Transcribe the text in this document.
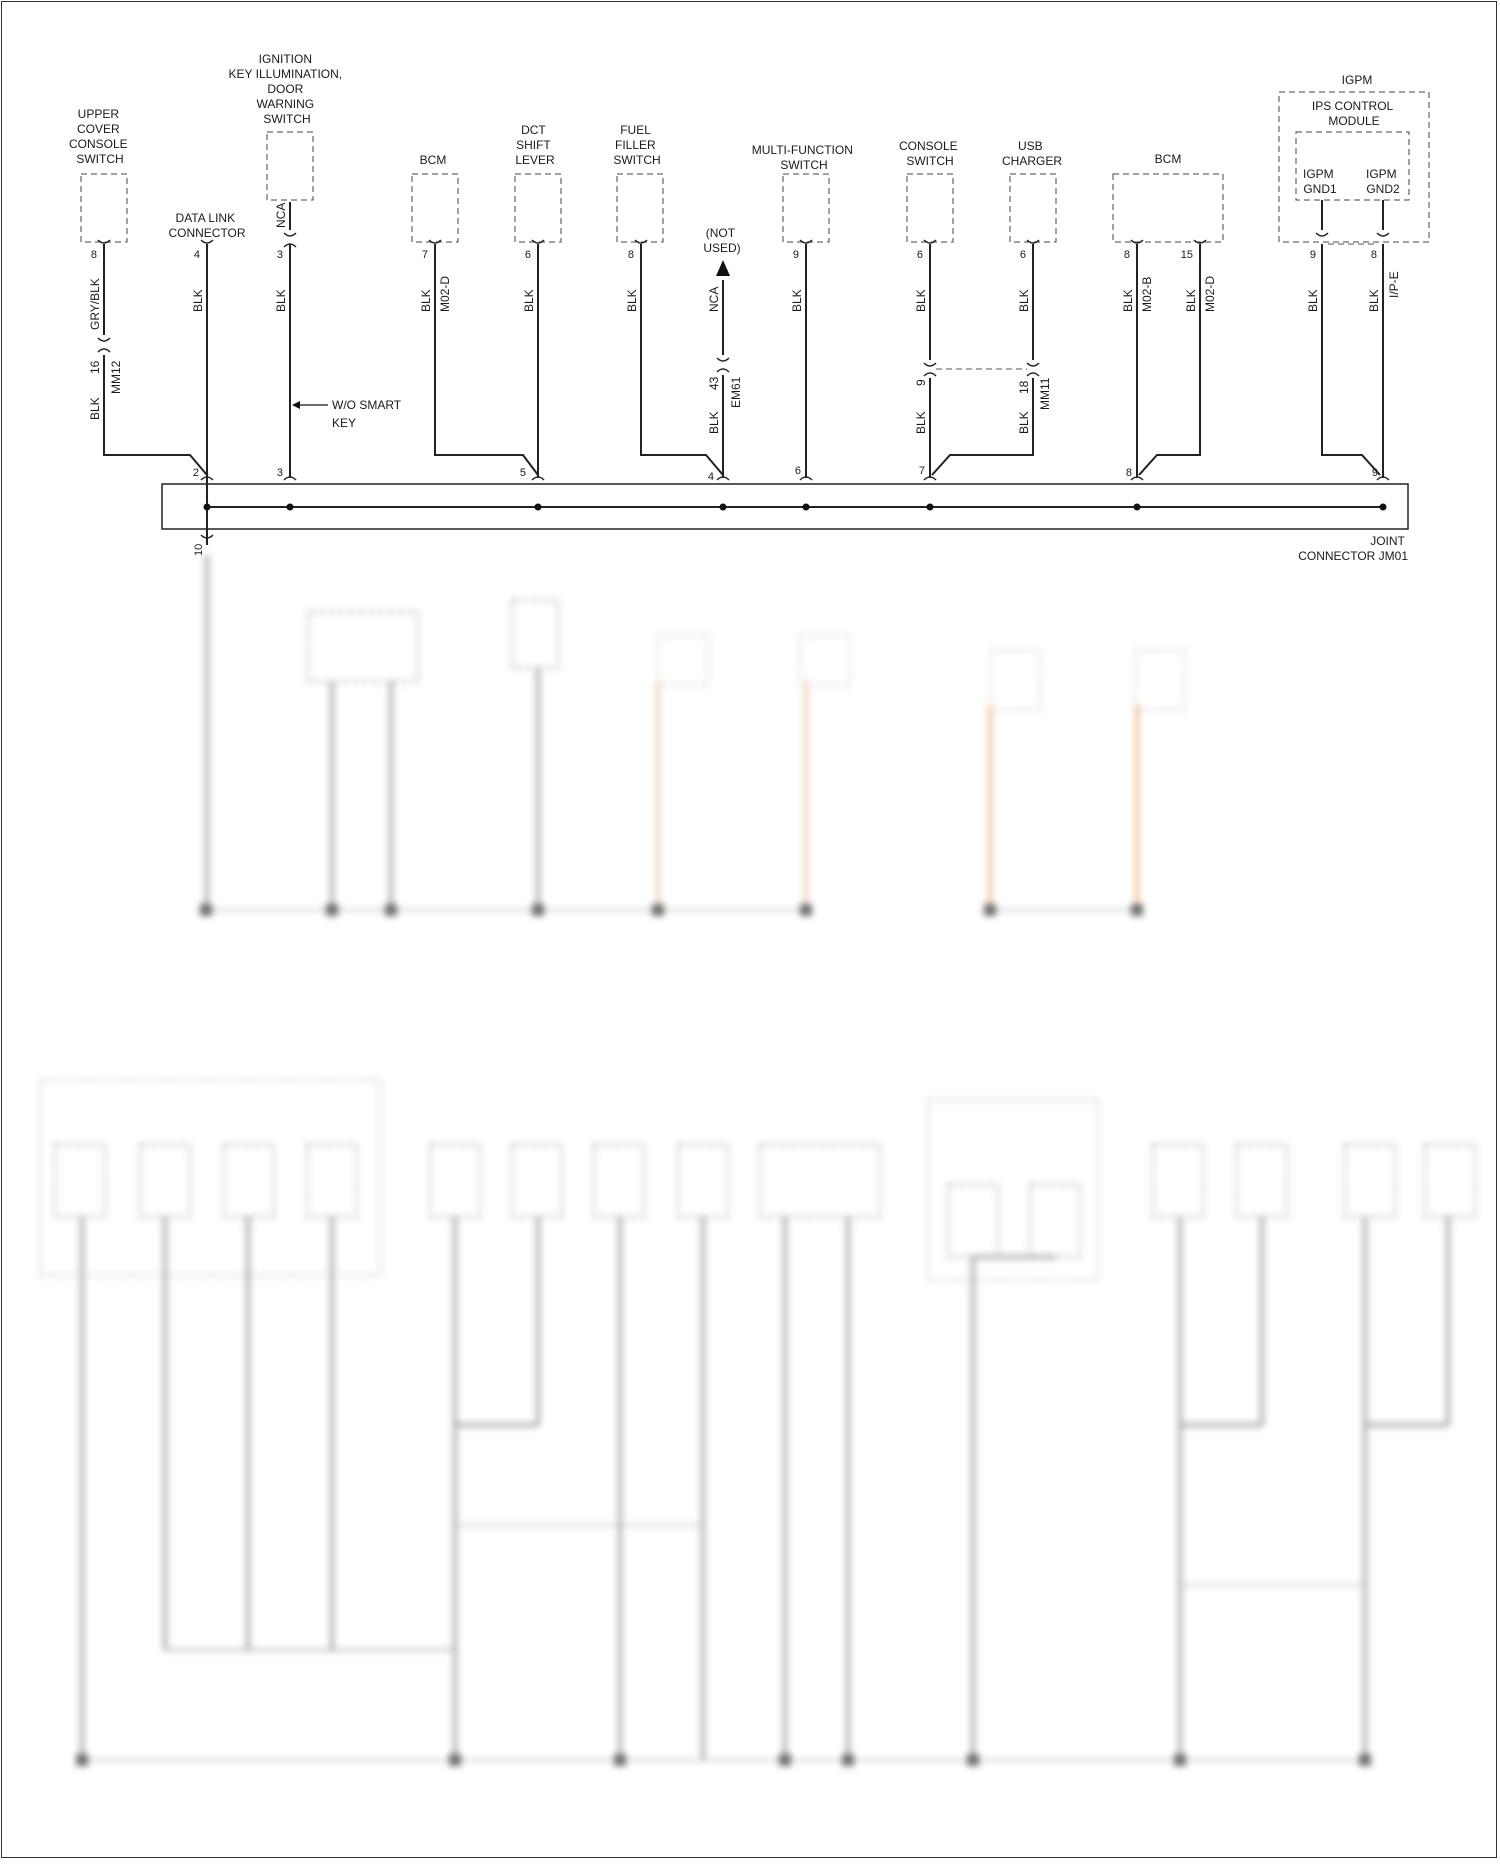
UPPER COVER CONSOLE SWITCH
DATA LINK CONNECTOR
IGNITION KEY ILLUMINATION, DOOR WARNING SWITCH
BCM
DCT SHIFT LEVER
FUEL FILLER SWITCH
(NOT USED)
MULTI-FUNCTION SWITCH
CONSOLE SWITCH
USB CHARGER	BCM
IGPM
IPS CONTROL MODULE
IGPM GND1
IGPM GND2
8	4	3	7	6	8	9	6	6	8	15	9	8
GRY/BLK
16 MM12
BLK
BLK
NCA
BLK	BLK M02-D	BLK	BLK	NCA
43 EM61
BLK
BLK	BLK
9
BLK
BLK
18 MM11
BLK
BLK M02-B	BLK M02-D	BLK	BLK
I/P-E
W/O SMART KEY
2	3	5	4	6	7	8	9
10
JOINT CONNECTOR JM01
